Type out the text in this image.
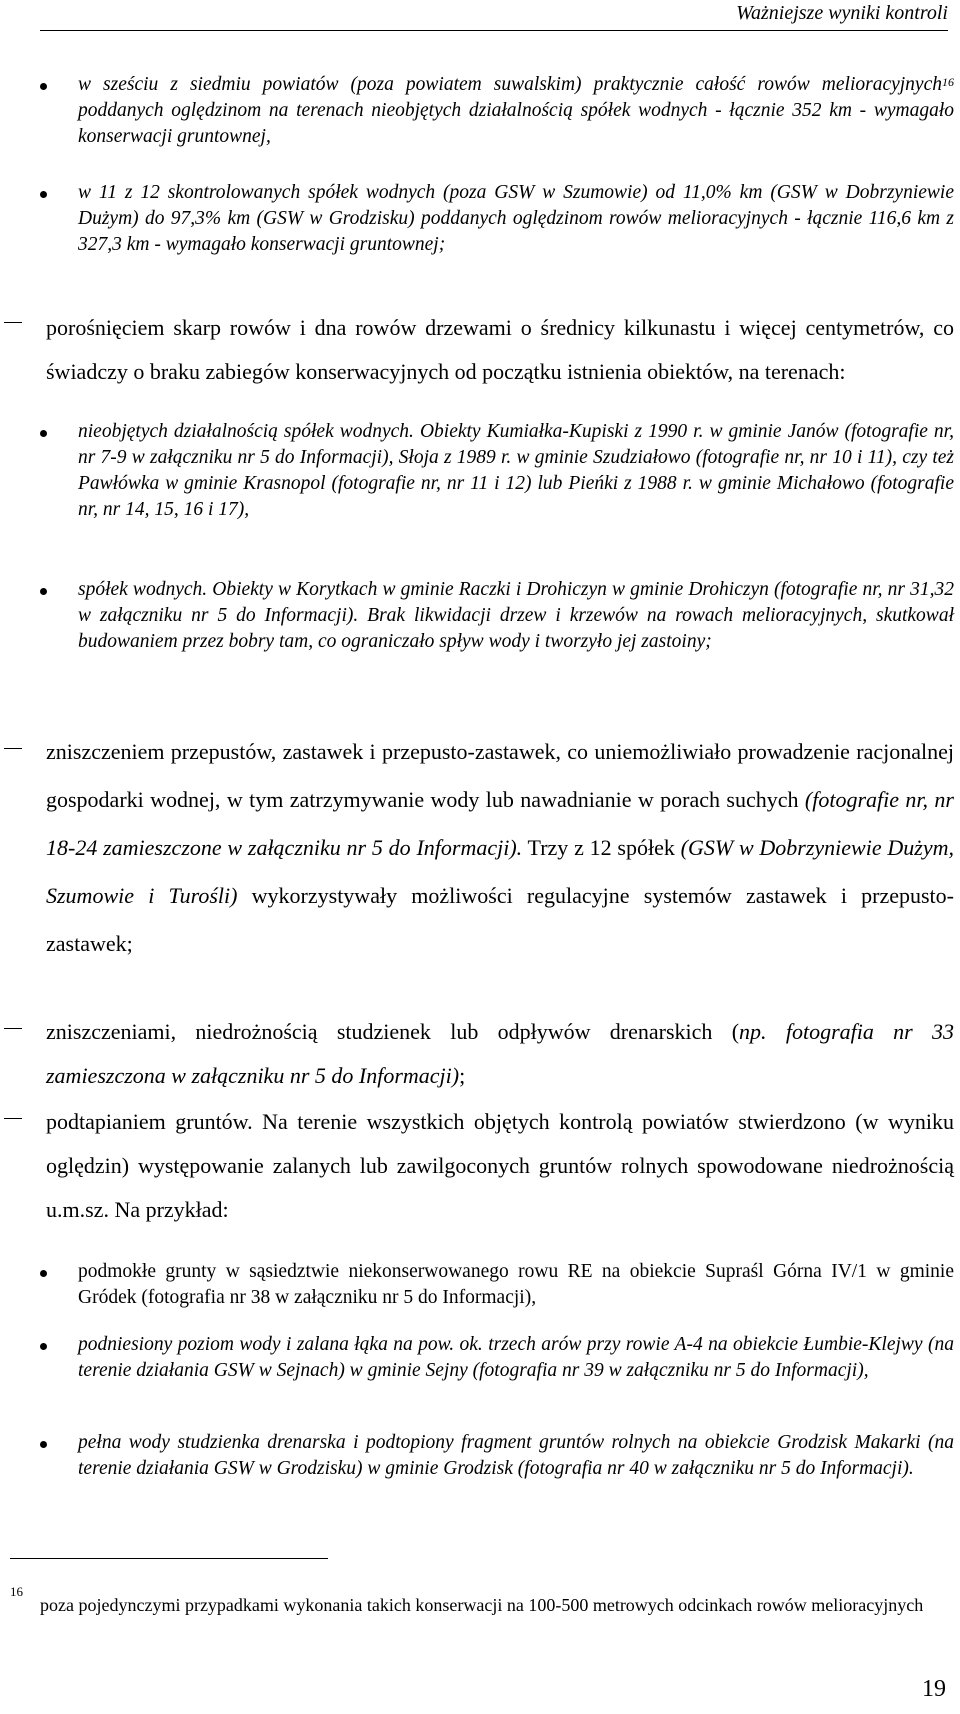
Ważniejsze wyniki kontroli
w sześciu z siedmiu powiatów (poza powiatem suwalskim) praktycznie całość rowów melioracyjnych$^{16}$ poddanych oględzinom na terenach nieobjętych działalnością spółek wodnych - łącznie 352 km - wymagało konserwacji gruntownej,
w 11 z 12 skontrolowanych spółek wodnych (poza GSW w Szumowie) od 11,0% km (GSW w Dobrzyniewie Dużym) do 97,3% km (GSW w Grodzisku) poddanych oględzinom rowów melioracyjnych - łącznie 116,6 km z 327,3 km - wymagało konserwacji gruntownej;
porośnięciem skarp rowów i dna rowów drzewami o średnicy kilkunastu i więcej centymetrów, co świadczy o braku zabiegów konserwacyjnych od początku istnienia obiektów, na terenach:
nieobjętych działalnością spółek wodnych. Obiekty Kumiałka-Kupiski z 1990 r. w gminie Janów (fotografie nr, nr 7-9 w załączniku nr 5 do Informacji), Słoja z 1989 r. w gminie Szudziałowo (fotografie nr, nr 10 i 11), czy też Pawłówka w gminie Krasnopol (fotografie nr, nr 11 i 12) lub Pieńki z 1988 r. w gminie Michałowo (fotografie nr, nr 14, 15, 16 i 17),
spółek wodnych. Obiekty w Korytkach w gminie Raczki i Drohiczyn w gminie Drohiczyn (fotografie nr, nr 31,32 w załączniku nr 5 do Informacji). Brak likwidacji drzew i krzewów na rowach melioracyjnych, skutkował budowaniem przez bobry tam, co ograniczało spływ wody i tworzyło jej zastoiny;
zniszczeniem przepustów, zastawek i przepusto-zastawek, co uniemożliwiało prowadzenie racjonalnej gospodarki wodnej, w tym zatrzymywanie wody lub nawadnianie w porach suchych (fotografie nr, nr 18-24 zamieszczone w załączniku nr 5 do Informacji). Trzy z 12 spółek (GSW w Dobrzyniewie Dużym, Szumowie i Turośli) wykorzystywały możliwości regulacyjne systemów zastawek i przepusto-zastawek;
zniszczeniami, niedrożnością studzienek lub odpływów drenarskich (np. fotografia nr 33 zamieszczona w załączniku nr 5 do Informacji);
podtapianiem gruntów. Na terenie wszystkich objętych kontrolą powiatów stwierdzono (w wyniku oględzin) występowanie zalanych lub zawilgoconych gruntów rolnych spowodowane niedrożnością u.m.sz. Na przykład:
podmokłe grunty w sąsiedztwie niekonserwowanego rowu RE na obiekcie Supraśl Górna IV/1 w gminie Gródek (fotografia nr 38 w załączniku nr 5 do Informacji),
podniesiony poziom wody i zalana łąka na pow. ok. trzech arów przy rowie A-4 na obiekcie Łumbie-Klejwy (na terenie działania GSW w Sejnach) w gminie Sejny (fotografia nr 39 w załączniku nr 5 do Informacji),
pełna wody studzienka drenarska i podtopiony fragment gruntów rolnych na obiekcie Grodzisk Makarki (na terenie działania GSW w Grodzisku) w gminie Grodzisk (fotografia nr 40 w załączniku nr 5 do Informacji).
16
poza pojedynczymi przypadkami wykonania takich konserwacji na 100-500 metrowych odcinkach rowów melioracyjnych
19
